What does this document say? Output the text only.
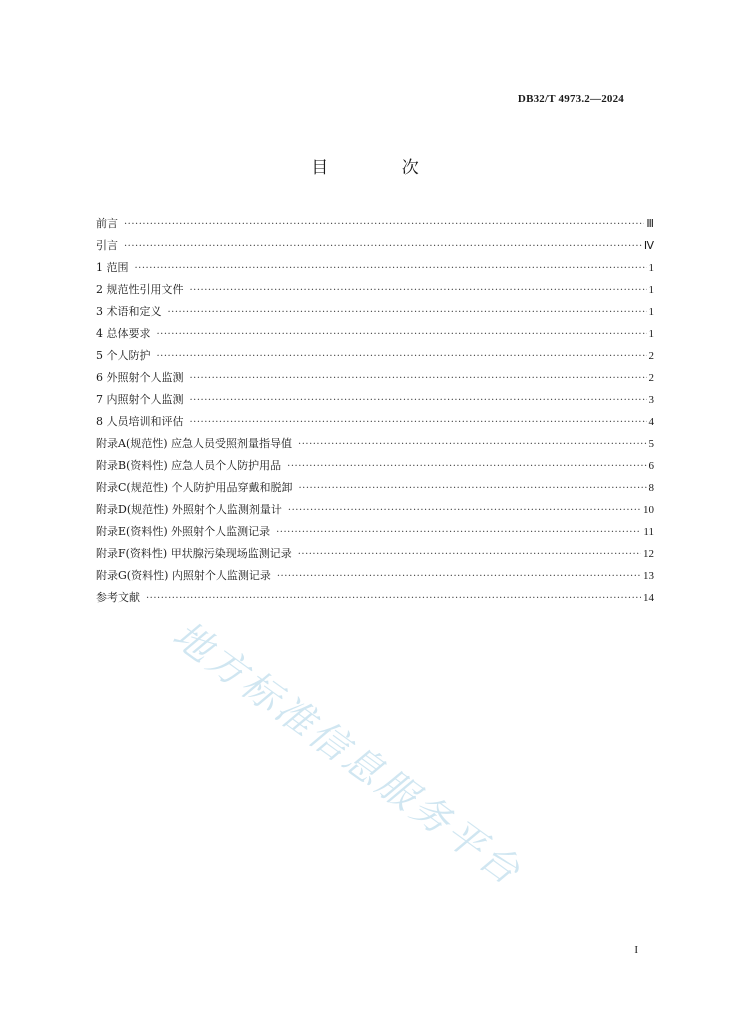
DB32/T 4973.2—2024
目 次
前言 ·····	Ⅲ
引言 ·····	Ⅳ
1 范围 ·····	1
2 规范性引用文件 ·····	1
3 术语和定义 ·····	1
4 总体要求 ·····	1
5 个人防护 ·····	2
6 外照射个人监测 ·····	2
7 内照射个人监测 ·····	3
8 人员培训和评估 ·····	4
附录A(规范性) 应急人员受照剂量指导值 ·····	5
附录B(资料性) 应急人员个人防护用品 ·····	6
附录C(规范性) 个人防护用品穿戴和脱卸 ·····	8
附录D(规范性) 外照射个人监测剂量计 ·····	10
附录E(资料性) 外照射个人监测记录 ·····	11
附录F(资料性) 甲状腺污染现场监测记录 ·····	12
附录G(资料性) 内照射个人监测记录 ·····	13
参考文献 ·····	14
地方标准信息服务平台
I
